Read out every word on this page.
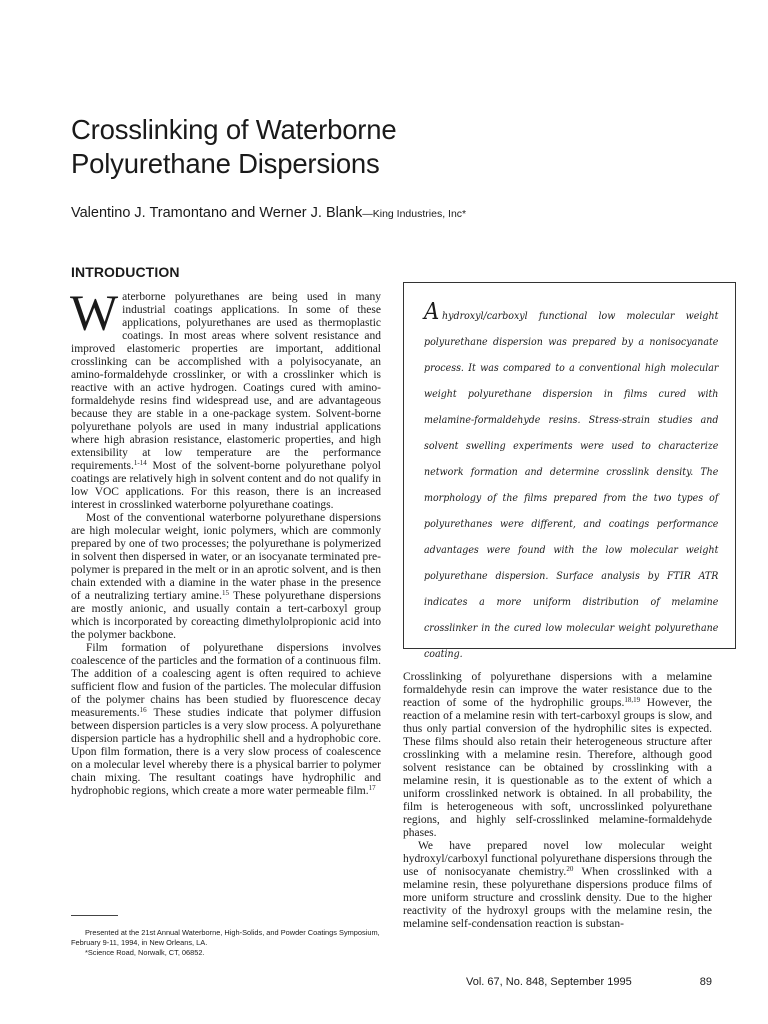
Crosslinking of Waterborne
Polyurethane Dispersions
Valentino J. Tramontano and Werner J. Blank—King Industries, Inc*
INTRODUCTION

Waterborne polyurethanes are being used in many industrial coatings applications. In some of these applications, polyurethanes are used as thermoplastic coatings. In most areas where solvent resistance and improved elastomeric properties are important, additional crosslinking can be accomplished with a polyisocyanate, an amino-formaldehyde crosslinker, or with a crosslinker which is reactive with an active hydrogen. Coatings cured with amino-formaldehyde resins find widespread use, and are advantageous because they are stable in a one-package system. Solvent-borne polyurethane polyols are used in many industrial applications where high abrasion resistance, elastomeric properties, and high extensibility at low temperature are the performance requirements.$^{1-14}$ Most of the solvent-borne polyurethane polyol coatings are relatively high in solvent content and do not qualify in low VOC applications. For this reason, there is an increased interest in crosslinked waterborne polyurethane coatings.

Most of the conventional waterborne polyurethane dispersions are high molecular weight, ionic polymers, which are commonly prepared by one of two processes; the polyurethane is polymerized in solvent then dispersed in water, or an isocyanate terminated pre-polymer is prepared in the melt or in an aprotic solvent, and is then chain extended with a diamine in the water phase in the presence of a neutralizing tertiary amine.$^{15}$ These polyurethane dispersions are mostly anionic, and usually contain a tert-carboxyl group which is incorporated by coreacting dimethylolpropionic acid into the polymer backbone.

Film formation of polyurethane dispersions involves coalescence of the particles and the formation of a continuous film. The addition of a coalescing agent is often required to achieve sufficient flow and fusion of the particles. The molecular diffusion of the polymer chains has been studied by fluorescence decay measurements.$^{16}$ These studies indicate that polymer diffusion between dispersion particles is a very slow process. A polyurethane dispersion particle has a hydrophilic shell and a hydrophobic core. Upon film formation, there is a very slow process of coalescence on a molecular level whereby there is a physical barrier to polymer chain mixing. The resultant coatings have hydrophilic and hydrophobic regions, which create a more water permeable film.$^{17}$

Ahydroxyl/carboxyl functional low molecular weight polyurethane dispersion was prepared by a nonisocyanate process. It was compared to a conventional high molecular weight polyurethane dispersion in films cured with melamine-formaldehyde resins. Stress-strain studies and solvent swelling experiments were used to characterize network formation and determine crosslink density. The morphology of the films prepared from the two types of polyurethanes were different, and coatings performance advantages were found with the low molecular weight polyurethane dispersion. Surface analysis by FTIR ATR indicates a more uniform distribution of melamine crosslinker in the cured low molecular weight polyurethane coating.

Crosslinking of polyurethane dispersions with a melamine formaldehyde resin can improve the water resistance due to the reaction of some of the hydrophilic groups.$^{18,19}$ However, the reaction of a melamine resin with tert-carboxyl groups is slow, and thus only partial conversion of the hydrophilic sites is expected. These films should also retain their heterogeneous structure after crosslinking with a melamine resin. Therefore, although good solvent resistance can be obtained by crosslinking with a melamine resin, it is questionable as to the extent of which a uniform crosslinked network is obtained. In all probability, the film is heterogeneous with soft, uncrosslinked polyurethane regions, and highly self-crosslinked melamine-formaldehyde phases.

We have prepared novel low molecular weight hydroxyl/carboxyl functional polyurethane dispersions through the use of nonisocyanate chemistry.$^{20}$ When crosslinked with a melamine resin, these polyurethane dispersions produce films of more uniform structure and crosslink density. Due to the higher reactivity of the hydroxyl groups with the melamine resin, the melamine self-condensation reaction is substan-

Presented at the 21st Annual Waterborne, High-Solids, and Powder Coatings Symposium, February 9-11, 1994, in New Orleans, LA.

*Science Road, Norwalk, CT, 06852.

Vol. 67, No. 848, September 1995	89
